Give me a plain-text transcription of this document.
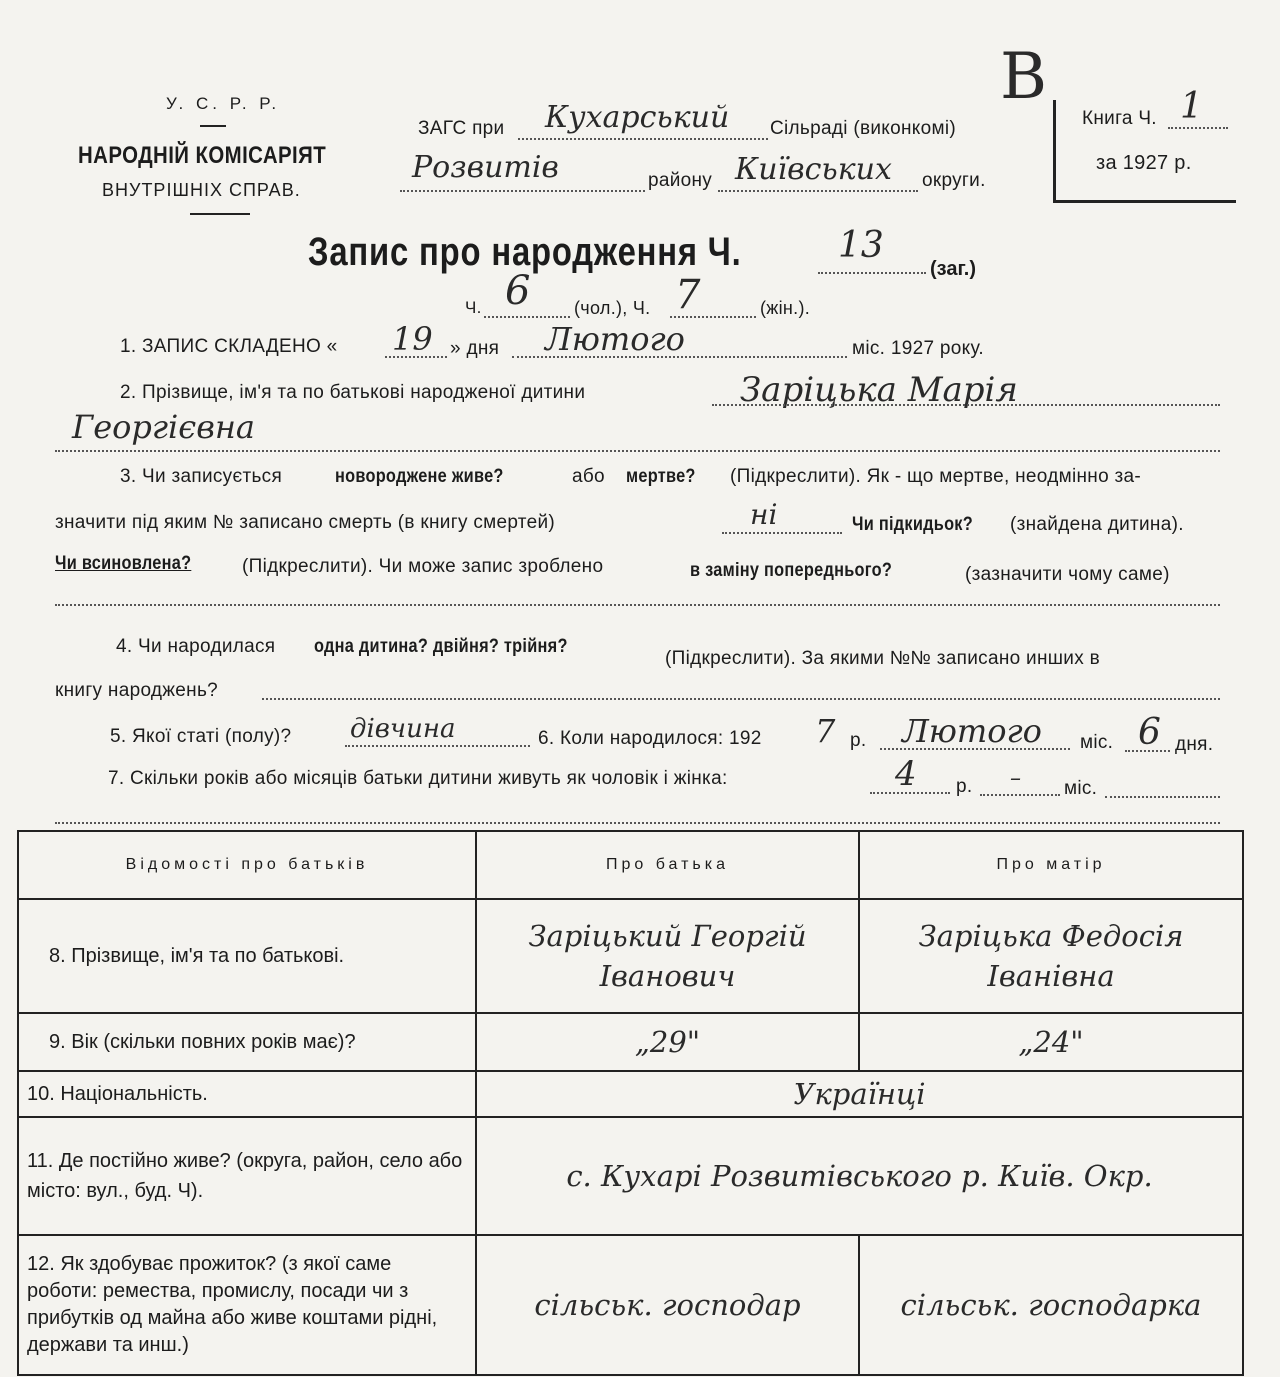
У. С. Р. Р.
НАРОДНІЙ КОМІСАРІЯТ
ВНУТРІШНІХ СПРАВ.
ЗАГС при Кухарський Сільраді (виконкомі)
Розвитів	району Київських округи.
В
Книга Ч. 1
за 1927 р.
Запис про народження Ч.	13
(заг.)
Ч. 6 (чол.), Ч. 7	(жін.).
1. ЗАПИС СКЛАДЕНО « 19 » дня Лютого	міс. 1927 року.
2. Прізвище, ім'я та по батькові народженої дитини	Заріцька Марія
Георгієвна
3. Чи записується	новороджене живе?	або мертве? (Підкреслити). Як - що мертве, неодмінно за-
значити під яким № записано смерть (в книгу смертей)	ні	Чи підкидьок? (знайдена дитина).
Чи всиновлена?	(Підкреслити). Чи може запис зроблено	в заміну попереднього?	(зазначити чому саме)
4. Чи народилася одна дитина? двійня? трійня?
(Підкреслити). За якими №№ записано инших в
книгу народжень?
5. Якої статі (полу)? дівчина	6. Коли народилося: 192 7 р. Лютого міс. 6 дня.
7. Скільки років або місяців батьки дитини живуть як чоловік і жінка:	4 р. – міс.
Відомості про батьків	Про батька	Про матір
8. Прізвище, ім'я та по батькові.	Заріцький Георгій Іванович	Заріцька Федосія Іванівна
9. Вік (скільки повних років має)?	„29"	„24"
10. Національність.	Українці	
11. Де постійно живе? (округа, район, село або місто: вул., буд. Ч).	с. Кухарі Розвитівського р. Київ. Окр.	
12. Як здобуває прожиток? (з якої саме роботи: ремества, промислу, посади чи з прибутків од майна або живе коштами рідні, держави та инш.)	сільськ. господар	сільськ. господарка
